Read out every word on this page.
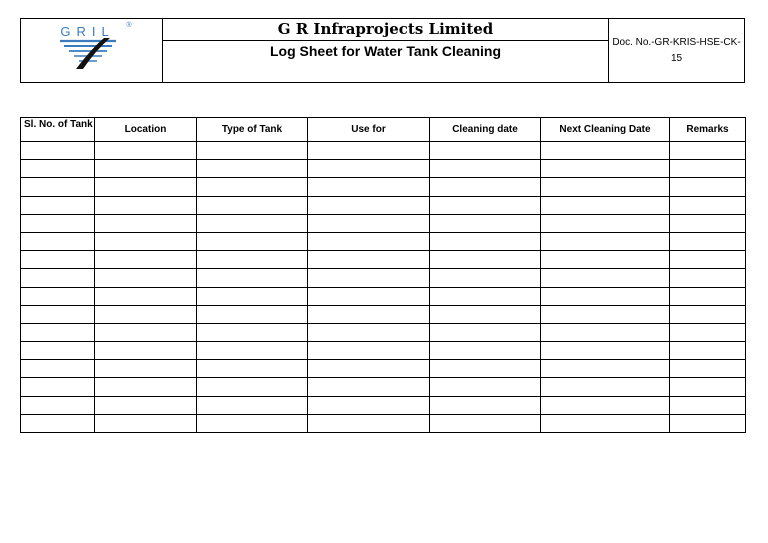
GRIL	®	G R Infraprojects Limited
Log Sheet for Water Tank Cleaning
	Doc. No.-GR-KRIS-HSE-CK-15
Sl. No. of Tank	Location	Type of Tank	Use for	Cleaning date	Next Cleaning Date	Remarks
